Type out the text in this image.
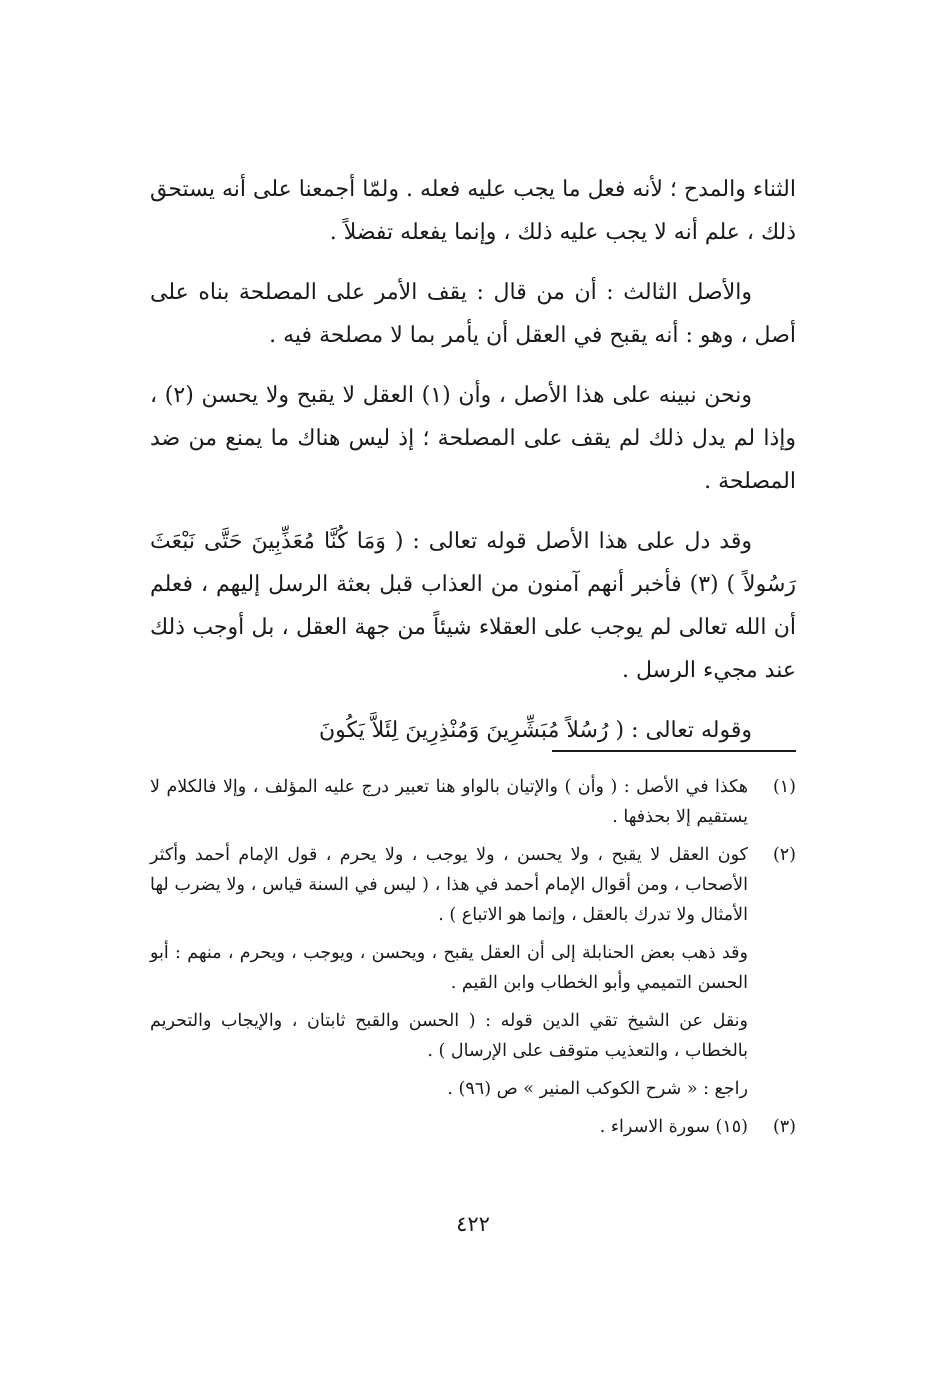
الثناء والمدح ؛ لأنه فعل ما يجب عليه فعله . ولمّا أجمعنا على أنه يستحق ذلك ، علم أنه لا يجب عليه ذلك ، وإنما يفعله تفضلاً .

والأصل الثالث : أن من قال : يقف الأمر على المصلحة بناه على أصل ، وهو : أنه يقبح في العقل أن يأمر بما لا مصلحة فيه .

ونحن نبينه على هذا الأصل ، وأن (١) العقل لا يقبح ولا يحسن (٢) ، وإذا لم يدل ذلك لم يقف على المصلحة ؛ إذ ليس هناك ما يمنع من ضد المصلحة .

وقد دل على هذا الأصل قوله تعالى : ( وَمَا كُنَّا مُعَذِّبِينَ حَتَّى نَبْعَثَ رَسُولاً ) (٣) فأخبر أنهم آمنون من العذاب قبل بعثة الرسل إليهم ، فعلم أن الله تعالى لم يوجب على العقلاء شيئاً من جهة العقل ، بل أوجب ذلك عند مجيء الرسل .

وقوله تعالى : ( رُسُلاً مُبَشِّرِينَ وَمُنْذِرِينَ لِئَلاَّ يَكُونَ

(١)

هكذا في الأصل : ( وأن ) والإتيان بالواو هنا تعبير درج عليه المؤلف ، وإلا فالكلام لا يستقيم إلا بحذفها .

(٢)

كون العقل لا يقبح ، ولا يحسن ، ولا يوجب ، ولا يحرم ، قول الإمام أحمد وأكثر الأصحاب ، ومن أقوال الإمام أحمد في هذا ، ( ليس في السنة قياس ، ولا يضرب لها الأمثال ولا تدرك بالعقل ، وإنما هو الاتباع ) .

وقد ذهب بعض الحنابلة إلى أن العقل يقبح ، ويحسن ، ويوجب ، ويحرم ، منهم : أبو الحسن التميمي وأبو الخطاب وابن القيم .

ونقل عن الشيخ تقي الدين قوله : ( الحسن والقبح ثابتان ، والإيجاب والتحريم بالخطاب ، والتعذيب متوقف على الإرسال ) .

راجع : « شرح الكوكب المنير » ص (٩٦) .

(٣)

(١٥) سورة الاسراء .

٤٢٢
